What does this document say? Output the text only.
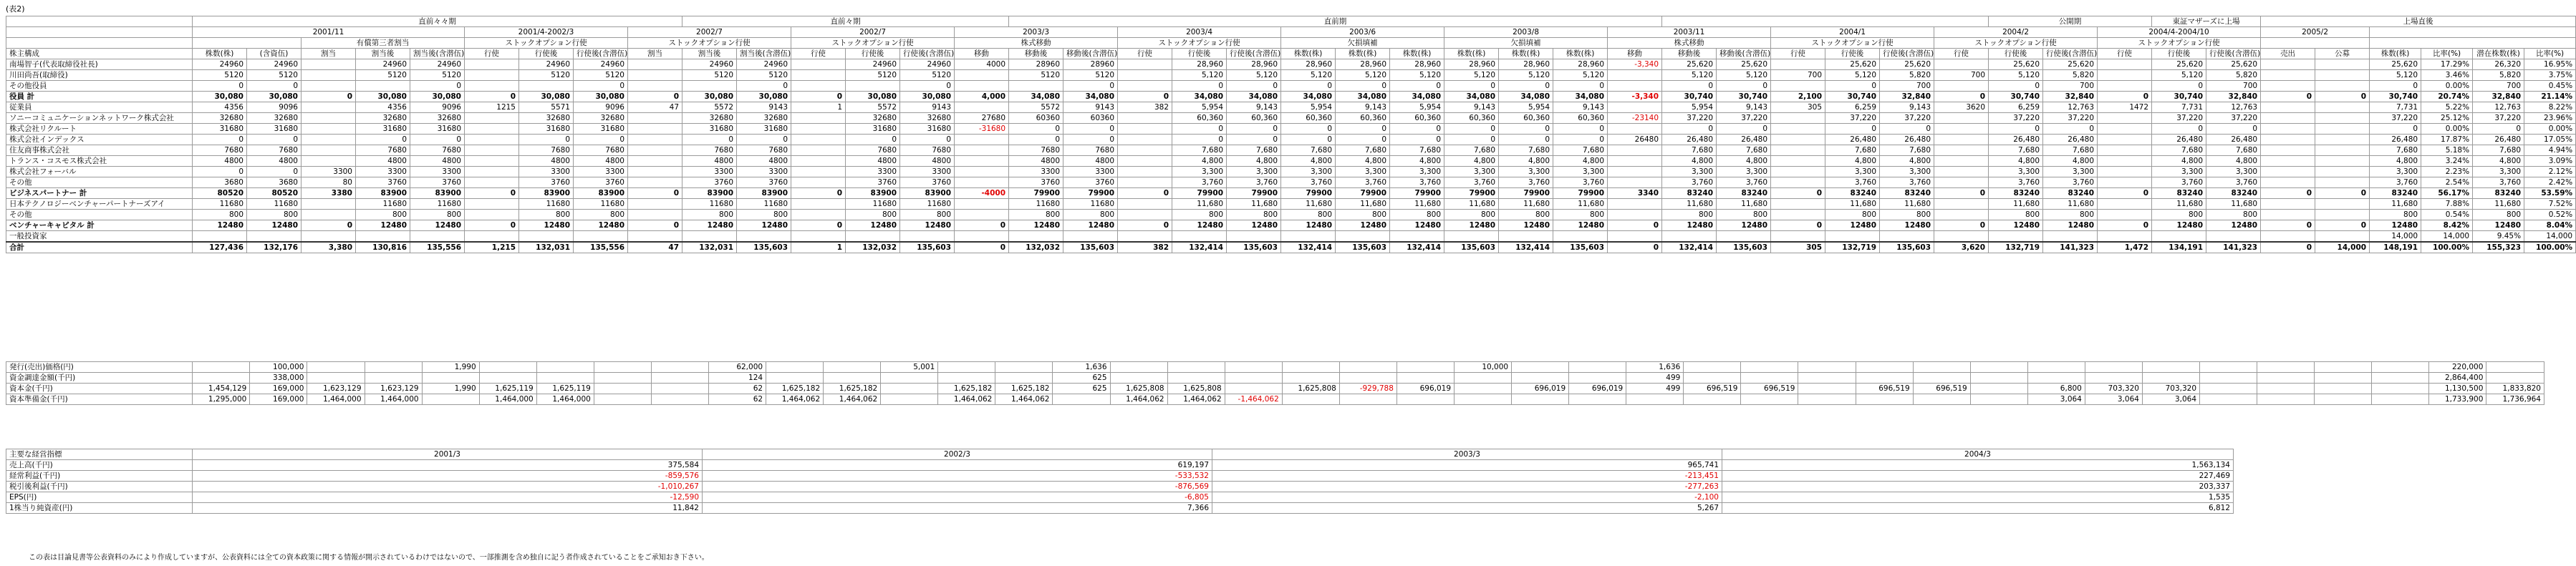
(表2)
	直前々々期									直前々期						直前期																		公開期			東証マザーズに上場		上場直後					
	2001/11					2001/4-2002/3			2002/7			2002/7			2003/3			2003/4			2003/6			2003/8			2003/11			2004/1			2004/2			2004/4-2004/10			2005/2					
			有償第三者割当			ストックオプション行使			ストックオプション行使			ストックオプション行使			株式移動			ストックオプション行使			欠損填補			欠損填補			株式移動			ストックオプション行使			ストックオプション行使			ストックオプション行使								
株主構成	株数(株)	(含資伍)	割当	割当後	割当後(含潜伍)	行使	行使後	行使後(含潜伍)	割当	割当後	割当後(含潜伍)	行使	行使後	行使後(含潜伍)	移動	移動後	移動後(含潜伍)	行使	行使後	行使後(含潜伍)	株数(株)	株数(株)	株数(株)	株数(株)	株数(株)	株数(株)	移動	移動後	移動後(含潜伍)	行使	行使後	行使後(含潜伍)	行使	行使後	行使後(含潜伍)	行使	行使後	行使後(含潜伍)	売出	公募	株数(株)	比率(%)	潜在株数(株)	比率(%)
南場智子(代表取締役社長)	24960	24960		24960	24960		24960	24960		24960	24960		24960	24960	4000	28960	28960		28,960	28,960	28,960	28,960	28,960	28,960	28,960	28,960	-3,340	25,620	25,620		25,620	25,620		25,620	25,620		25,620	25,620			25,620	17.29%	26,320	16.95%
川田尚吾(取締役)	5120	5120		5120	5120		5120	5120		5120	5120		5120	5120		5120	5120		5,120	5,120	5,120	5,120	5,120	5,120	5,120	5,120		5,120	5,120	700	5,120	5,820	700	5,120	5,820		5,120	5,820			5,120	3.46%	5,820	3.75%
その他役員	0	0			0			0			0			0			0		0	0	0	0	0	0	0	0		0	0		0	700		0	700		0	700			0	0.00%	700	0.45%
役員 計	30,080	30,080	0	30,080	30,080	0	30,080	30,080	0	30,080	30,080	0	30,080	30,080	4,000	34,080	34,080	0	34,080	34,080	34,080	34,080	34,080	34,080	34,080	34,080	-3,340	30,740	30,740	2,100	30,740	32,840	0	30,740	32,840	0	30,740	32,840	0	0	30,740	20.74%	32,840	21.14%
従業員	4356	9096		4356	9096	1215	5571	9096	47	5572	9143	1	5572	9143		5572	9143	382	5,954	9,143	5,954	9,143	5,954	9,143	5,954	9,143		5,954	9,143	305	6,259	9,143	3620	6,259	12,763	1472	7,731	12,763			7,731	5.22%	12,763	8.22%
ソニーコミュニケーションネットワーク株式会社	32680	32680		32680	32680		32680	32680		32680	32680		32680	32680	27680	60360	60360		60,360	60,360	60,360	60,360	60,360	60,360	60,360	60,360	-23140	37,220	37,220		37,220	37,220		37,220	37,220		37,220	37,220			37,220	25.12%	37,220	23.96%
株式会社リクルート	31680	31680		31680	31680		31680	31680		31680	31680		31680	31680	-31680	0	0		0	0	0	0	0	0	0	0		0	0		0	0		0	0		0	0			0	0.00%	0	0.00%
株式会社インデックス	0	0		0	0		0	0		0	0		0	0		0	0		0	0	0	0	0	0	0	0	26480	26,480	26,480		26,480	26,480		26,480	26,480		26,480	26,480			26,480	17.87%	26,480	17.05%
住友商事株式会社	7680	7680		7680	7680		7680	7680		7680	7680		7680	7680		7680	7680		7,680	7,680	7,680	7,680	7,680	7,680	7,680	7,680		7,680	7,680		7,680	7,680		7,680	7,680		7,680	7,680			7,680	5.18%	7,680	4.94%
トランス・コスモス株式会社	4800	4800		4800	4800		4800	4800		4800	4800		4800	4800		4800	4800		4,800	4,800	4,800	4,800	4,800	4,800	4,800	4,800		4,800	4,800		4,800	4,800		4,800	4,800		4,800	4,800			4,800	3.24%	4,800	3.09%
株式会社フォーバル	0	0	3300	3300	3300		3300	3300		3300	3300		3300	3300		3300	3300		3,300	3,300	3,300	3,300	3,300	3,300	3,300	3,300		3,300	3,300		3,300	3,300		3,300	3,300		3,300	3,300			3,300	2.23%	3,300	2.12%
その他	3680	3680	80	3760	3760		3760	3760		3760	3760		3760	3760		3760	3760		3,760	3,760	3,760	3,760	3,760	3,760	3,760	3,760		3,760	3,760		3,760	3,760		3,760	3,760		3,760	3,760			3,760	2.54%	3,760	2.42%
ビジネスパートナー 計	80520	80520	3380	83900	83900	0	83900	83900	0	83900	83900	0	83900	83900	-4000	79900	79900	0	79900	79900	79900	79900	79900	79900	79900	79900	3340	83240	83240	0	83240	83240	0	83240	83240	0	83240	83240	0	0	83240	56.17%	83240	53.59%
日本テクノロジーベンチャーパートナーズアイ	11680	11680		11680	11680		11680	11680		11680	11680		11680	11680		11680	11680		11,680	11,680	11,680	11,680	11,680	11,680	11,680	11,680		11,680	11,680		11,680	11,680		11,680	11,680		11,680	11,680			11,680	7.88%	11,680	7.52%
その他	800	800		800	800		800	800		800	800		800	800		800	800		800	800	800	800	800	800	800	800		800	800		800	800		800	800		800	800			800	0.54%	800	0.52%
ベンチャーキャピタル 計	12480	12480	0	12480	12480	0	12480	12480	0	12480	12480	0	12480	12480	0	12480	12480	0	12480	12480	12480	12480	12480	12480	12480	12480	0	12480	12480	0	12480	12480	0	12480	12480	0	12480	12480	0	0	12480	8.42%	12480	8.04%
一般投資家																																									14,000	14,000	9.45%	14,000
合計	127,436	132,176	3,380	130,816	135,556	1,215	132,031	135,556	47	132,031	135,603	1	132,032	135,603	0	132,032	135,603	382	132,414	135,603	132,414	135,603	132,414	135,603	132,414	135,603	0	132,414	135,603	305	132,719	135,603	3,620	132,719	141,323	1,472	134,191	141,323	0	14,000	148,191	100.00%	155,323	100.00%
発行(売出)価格(円)		100,000			1,990					62,000			5,001			1,636							10,000			1,636														220,000	
資金調達金額(千円)		338,000								124						625										499														2,864,400	
資本金(千円)	1,454,129	169,000	1,623,129	1,623,129	1,990	1,625,119	1,625,119			62	1,625,182	1,625,182		1,625,182	1,625,182	625	1,625,808	1,625,808		1,625,808	-929,788	696,019		696,019	696,019	499	696,519	696,519		696,519	696,519		6,800	703,320	703,320					1,130,500	1,833,820
資本準備金(千円)	1,295,000	169,000	1,464,000	1,464,000		1,464,000	1,464,000			62	1,464,062	1,464,062		1,464,062	1,464,062		1,464,062	1,464,062	-1,464,062														3,064	3,064	3,064					1,733,900	1,736,964
主要な経営指標	2001/3	2002/3	2003/3	2004/3
売上高(千円)	375,584	619,197	965,741	1,563,134
経常利益(千円)	-859,576	-533,532	-213,451	227,469
税引後利益(千円)	-1,010,267	-876,569	-277,263	203,337
EPS(円)	-12,590	-6,805	-2,100	1,535
1株当り純資産(円)	11,842	7,366	5,267	6,812
この表は目論見書等公表資料のみにより作成していますが、公表資料には全ての資本政策に関する情報が開示されているわけではないので、一部推測を含め独自に記う者作成されていることをご承知おき下さい。
